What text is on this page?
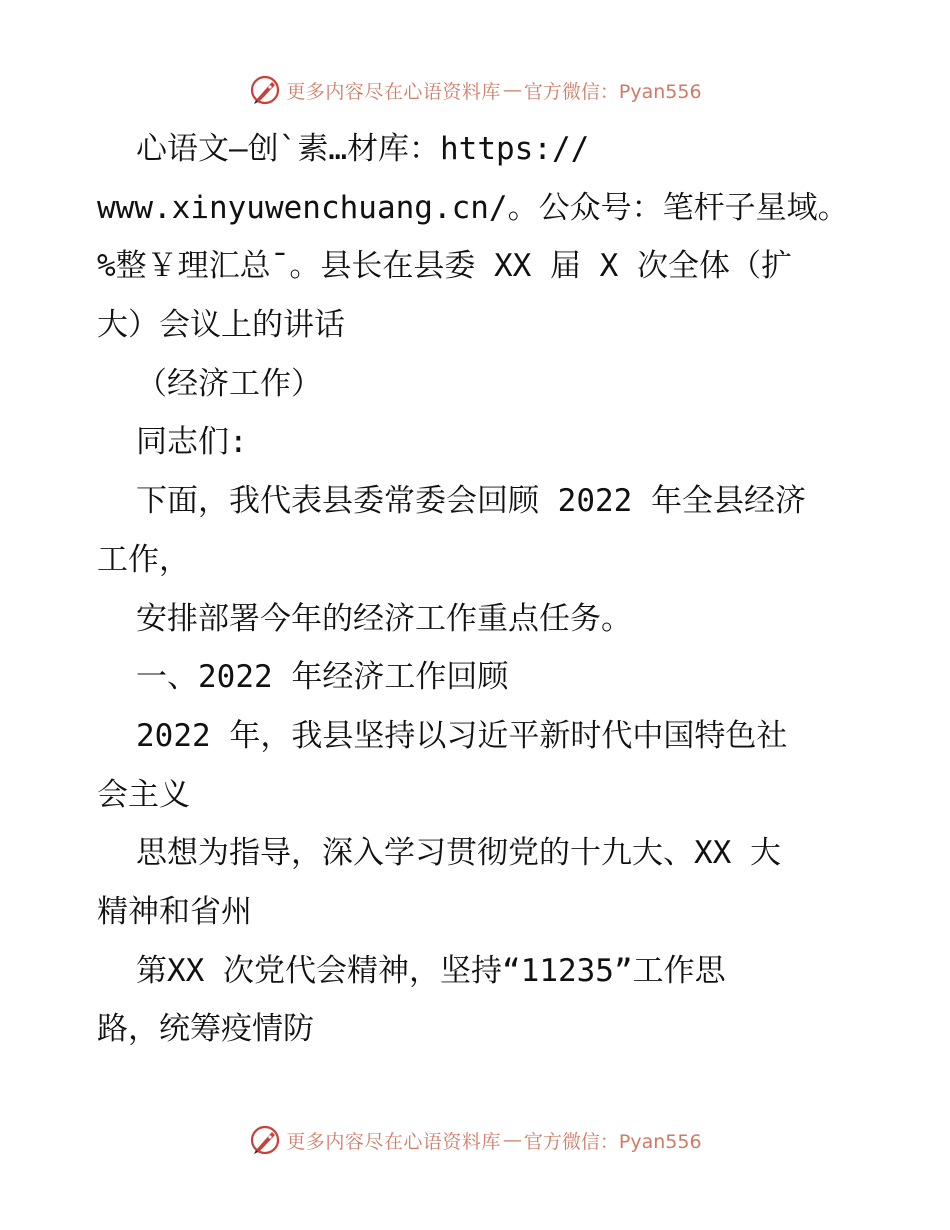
更多内容尽在心语资料库 — 官方微信：Pyan556
心语文—创`素…材库：https://
www.xinyuwenchuang.cn/。公众号：笔杆子星域。
%整￥理汇总¯。县长在县委 XX 届 X 次全体（扩
大）会议上的讲话
（经济工作）
同志们:
下面，我代表县委常委会回顾 2022 年全县经济
工作，
安排部署今年的经济工作重点任务。
一、2022 年经济工作回顾
2022 年，我县坚持以习近平新时代中国特色社
会主义
思想为指导，深入学习贯彻党的十九大、XX 大
精神和省州
第XX 次党代会精神，坚持“11235”工作思
路，统筹疫情防
更多内容尽在心语资料库 — 官方微信：Pyan556
